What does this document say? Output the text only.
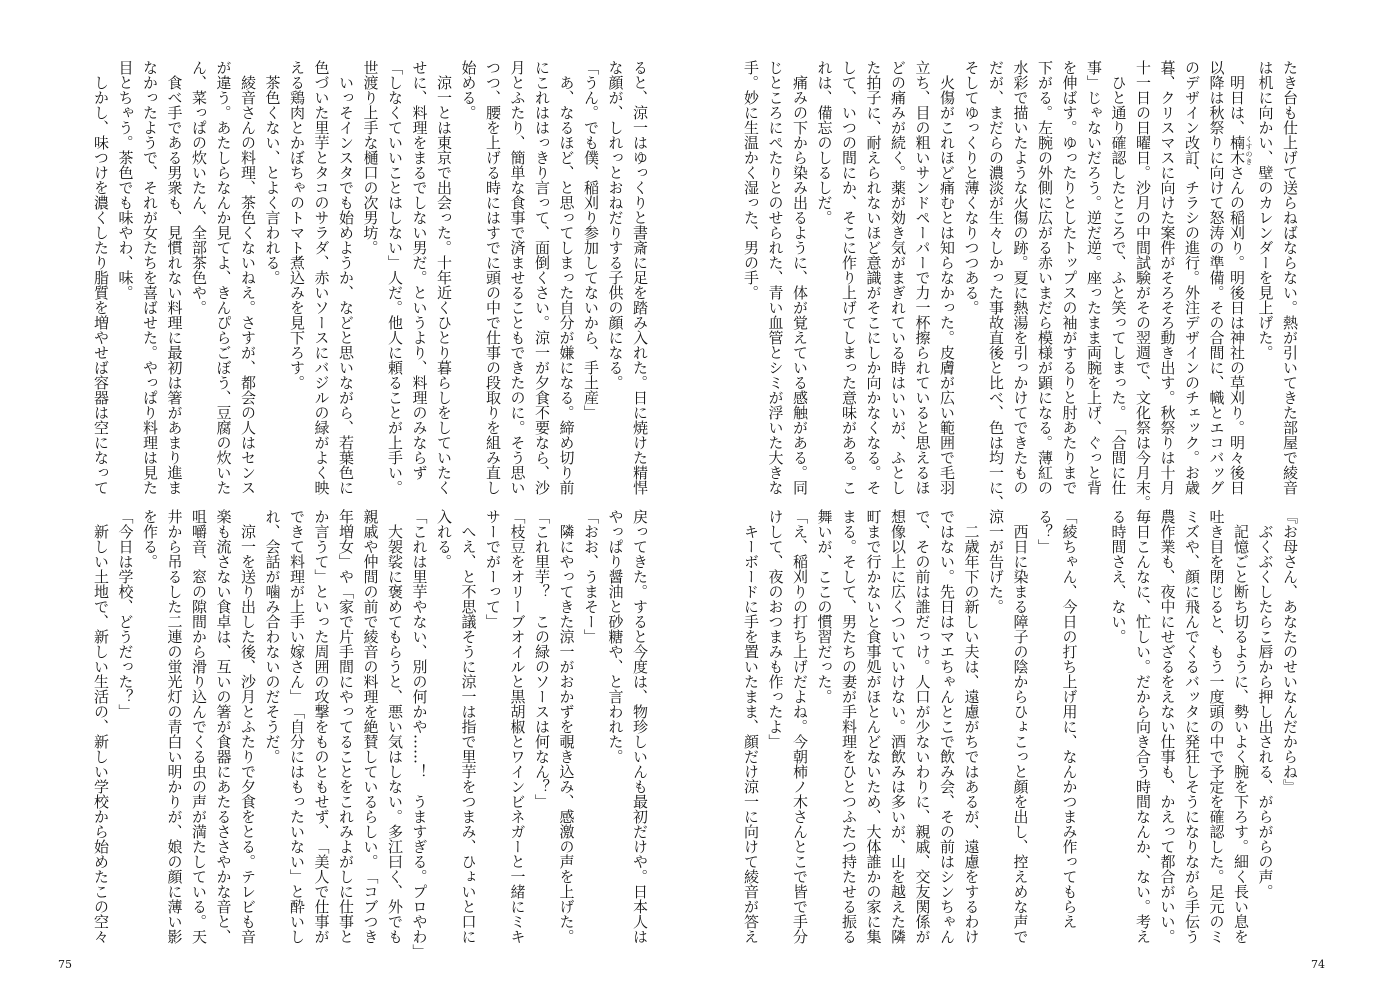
たき台も仕上げて送らねばならない。熱が引いてきた部屋で綾音
は机に向かい、壁のカレンダーを見上げた。
　明日は、楠木 くすのきさんの稲刈り。明後日は神社の草刈り。明々後日
以降は秋祭りに向けて怒涛の準備。その合間に、幟とエコバッグ
のデザイン改訂、チラシの進行。外注デザインのチェック。お歳
暮、クリスマスに向けた案件がそろそろ動き出す。秋祭りは十月
十一日の日曜日。沙月の中間試験がその翌週で、文化祭は今月末。
　ひと通り確認したところで、ふと笑ってしまった。「合間に仕
事」じゃないだろう。逆だ逆。座ったまま両腕を上げ、ぐっと背
を伸ばす。ゆったりとしたトップスの袖がするりと肘あたりまで
下がる。左腕の外側に広がる赤いまだら模様が顕になる。薄紅の
水彩で描いたような火傷の跡。夏に熱湯を引っかけてできたもの
だが、まだらの濃淡が生々しかった事故直後と比べ、色は均一に、
そしてゆっくりと薄くなりつつある。
　火傷がこれほど痛むとは知らなかった。皮膚が広い範囲で毛羽
立ち、目の粗いサンドペーパーで力一杯擦られていると思えるほ
どの痛みが続く。薬が効き気がまぎれている時はいいが、ふとし
た拍子に、耐えられないほど意識がそこにしか向かなくなる。そ
して、いつの間にか、そこに作り上げてしまった意味がある。こ
れは、備忘のしるしだ。
　痛みの下から染み出るように、体が覚えている感触がある。同
じところにぺたりとのせられた、青い血管とシミが浮いた大きな
手。妙に生温かく湿った、男の手。
『お母さん、あなたのせいなんだからね』
　ぶくぶくしたらこ唇から押し出される、がらがらの声。
　記憶ごと断ち切るように、勢いよく腕を下ろす。細く長い息を
吐き目を閉じると、もう一度頭の中で予定を確認した。足元のミ
ミズや、顔に飛んでくるバッタに発狂しそうになりながら手伝う
農作業も、夜中にせざるをえない仕事も、かえって都合がいい。
毎日こんなに、忙しい。だから向き合う時間なんか、ない。考え
る時間さえ、ない。
「綾ちゃん、今日の打ち上げ用に、なんかつまみ作ってもらえ
る？」
　西日に染まる障子の陰からひょこっと顔を出し、控えめな声で
涼一が告げた。
　二歳年下の新しい夫は、遠慮がちではあるが、遠慮をするわけ
ではない。先日はマエちゃんとこで飲み会、その前はシンちゃん
で、その前は誰だっけ。人口が少ないわりに、親戚、交友関係が
想像以上に広くついていけない。酒飲みは多いが、山を越えた隣
町まで行かないと食事処がほとんどないため、大体誰かの家に集
まる。そして、男たちの妻が手料理をひとつふたつ持たせる振る
舞いが、ここの慣習だった。
「え、稲刈りの打ち上げだよね。今朝柿ノ木さんとこで皆で手分
けして、夜のおつまみも作ったよ」
　キーボードに手を置いたまま、顔だけ涼一に向けて綾音が答え
74
ると、涼一はゆっくりと書斎に足を踏み入れた。日に焼けた精悍
な顔が、しれっとおねだりする子供の顔になる。
「うん。でも僕、稲刈り参加してないから、手土産」
　あ、なるほど、と思ってしまった自分が嫌になる。締め切り前
にこれははっきり言って、面倒くさい。涼一が夕食不要なら、沙
月とふたり、簡単な食事で済ませることもできたのに。そう思い
つつ、腰を上げる時にはすでに頭の中で仕事の段取りを組み直し
始める。
　涼一とは東京で出会った。十年近くひとり暮らしをしていたく
せに、料理をまるでしない男だ。というより、料理のみならず
「しなくていいことはしない」人だ。他人に頼ることが上手い。
世渡り上手な樋口の次男坊。
　いっそインスタでも始めようか、などと思いながら、若葉色に
色づいた里芋とタコのサラダ、赤いソースにバジルの緑がよく映
える鶏肉とかぼちゃのトマト煮込みを見下ろす。
　茶色くない、とよく言われる。
　綾音さんの料理、茶色くないねえ。さすが、都会の人はセンス
が違う。あたしらなんか見てよ、きんぴらごぼう、豆腐の炊いた
ん、菜っぱの炊いたん、全部茶色や。
　食べ手である男衆も、見慣れない料理に最初は箸があまり進ま
なかったようで、それが女たちを喜ばせた。やっぱり料理は見た
目とちゃう。茶色でも味やわ、味。
　しかし、味つけを濃くしたり脂質を増やせば容器は空になって
戻ってきた。すると今度は、物珍しいんも最初だけや。日本人は
やっぱり醤油と砂糖や、と言われた。
「おお、うまそー」
　隣にやってきた涼一がおかずを覗き込み、感激の声を上げた。
「これ里芋？　この緑のソースは何なん？」
「枝豆をオリーブオイルと黒胡椒とワインビネガーと一緒にミキ
サーでがーって」
　へえ、と不思議そうに涼一は指で里芋をつまみ、ひょいと口に
入れる。
「これは里芋やない、別の何かや……！　うますぎる。プロやわ」
　大袈裟に褒めてもらうと、悪い気はしない。多江曰く、外でも
親戚や仲間の前で綾音の料理を絶賛しているらしい。「コブつき
年増女」や「家で片手間にやってることをこれみよがしに仕事と
か言うて」といった周囲の攻撃をものともせず、「美人で仕事が
できて料理が上手い嫁さん」「自分にはもったいない」と酔いし
れ、会話が噛み合わないのだそうだ。
　涼一を送り出した後、沙月とふたりで夕食をとる。テレビも音
楽も流さない食卓は、互いの箸が食器にあたるささやかな音と、
咀嚼音、窓の隙間から滑り込んでくる虫の声が満たしている。天
井から吊るした二連の蛍光灯の青白い明かりが、娘の顔に薄い影
を作る。
「今日は学校、どうだった？」
　新しい土地で、新しい生活の、新しい学校から始めたこの空々
75
